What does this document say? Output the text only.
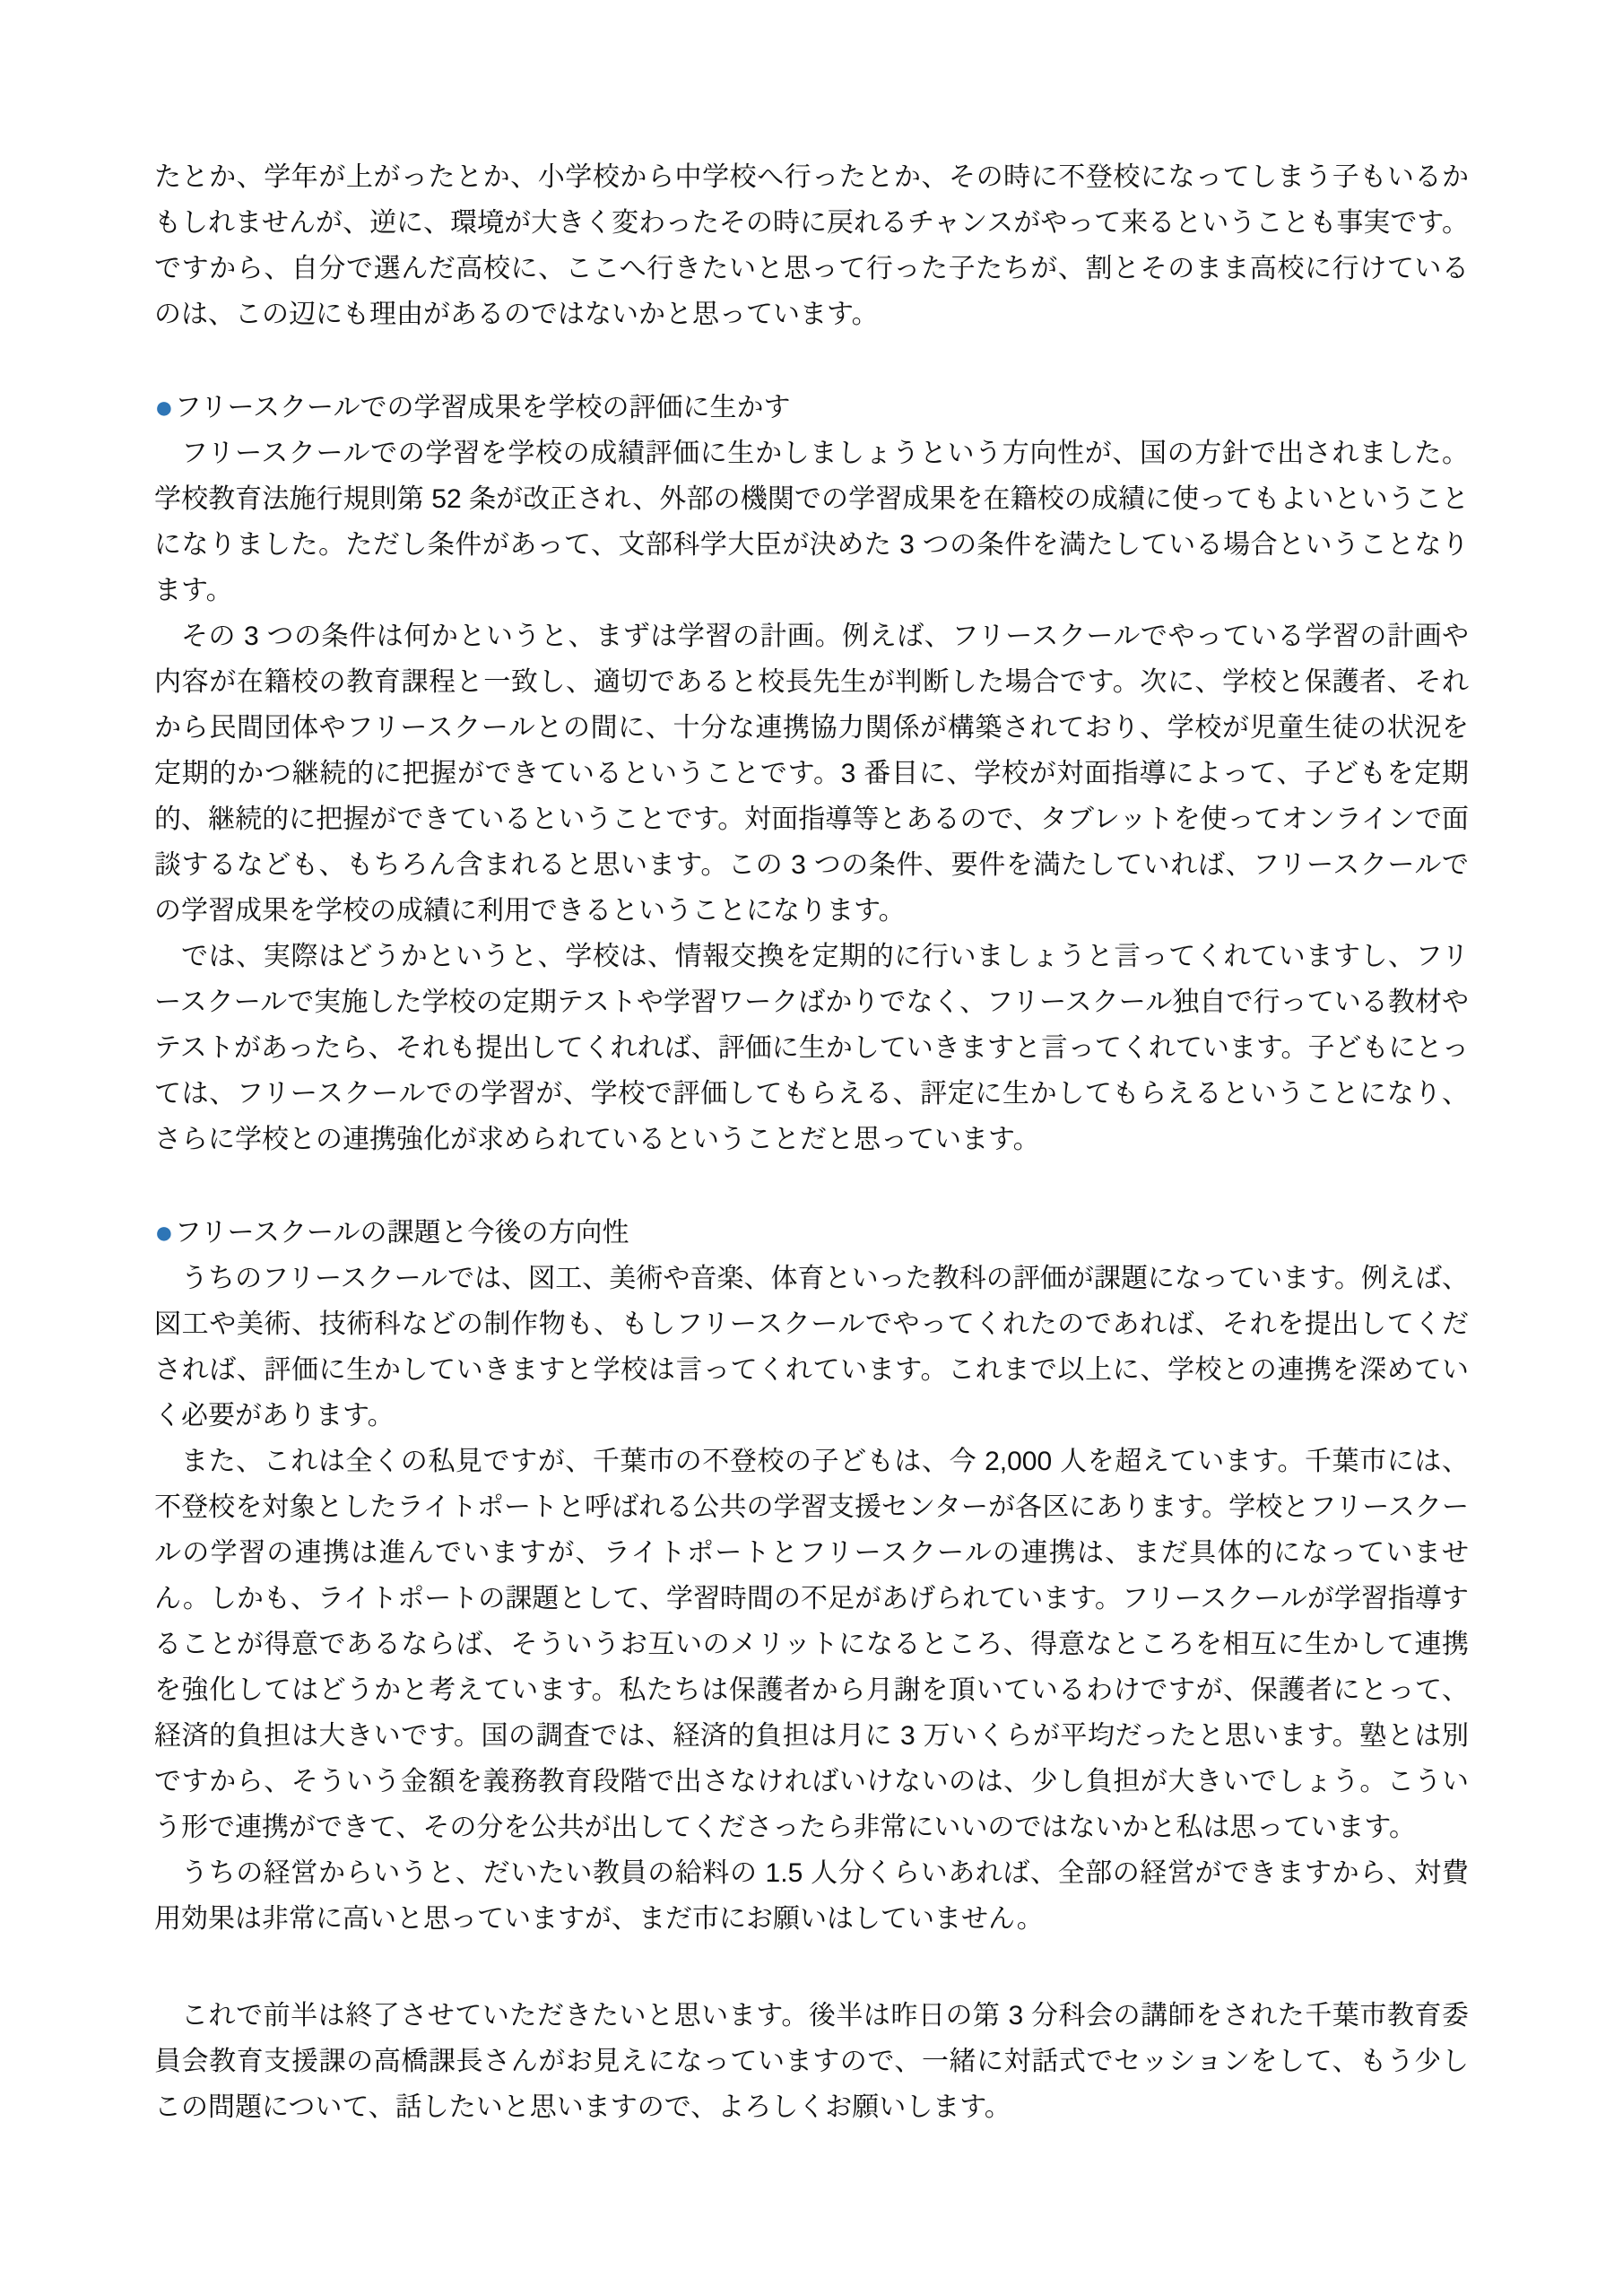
たとか、学年が上がったとか、小学校から中学校へ行ったとか、その時に不登校になってしまう子もいるかもしれませんが、逆に、環境が大きく変わったその時に戻れるチャンスがやって来るということも事実です。ですから、自分で選んだ高校に、ここへ行きたいと思って行った子たちが、割とそのまま高校に行けているのは、この辺にも理由があるのではないかと思っています。

●フリースクールでの学習成果を学校の評価に生かす

フリースクールでの学習を学校の成績評価に生かしましょうという方向性が、国の方針で出されました。学校教育法施行規則第 52 条が改正され、外部の機関での学習成果を在籍校の成績に使ってもよいということになりました。ただし条件があって、文部科学大臣が決めた 3 つの条件を満たしている場合ということなります。

その 3 つの条件は何かというと、まずは学習の計画。例えば、フリースクールでやっている学習の計画や内容が在籍校の教育課程と一致し、適切であると校長先生が判断した場合です。次に、学校と保護者、それから民間団体やフリースクールとの間に、十分な連携協力関係が構築されており、学校が児童生徒の状況を定期的かつ継続的に把握ができているということです。3 番目に、学校が対面指導によって、子どもを定期的、継続的に把握ができているということです。対面指導等とあるので、タブレットを使ってオンラインで面談するなども、もちろん含まれると思います。この 3 つの条件、要件を満たしていれば、フリースクールでの学習成果を学校の成績に利用できるということになります。

では、実際はどうかというと、学校は、情報交換を定期的に行いましょうと言ってくれていますし、フリースクールで実施した学校の定期テストや学習ワークばかりでなく、フリースクール独自で行っている教材やテストがあったら、それも提出してくれれば、評価に生かしていきますと言ってくれています。子どもにとっては、フリースクールでの学習が、学校で評価してもらえる、評定に生かしてもらえるということになり、さらに学校との連携強化が求められているということだと思っています。

●フリースクールの課題と今後の方向性

うちのフリースクールでは、図工、美術や音楽、体育といった教科の評価が課題になっています。例えば、図工や美術、技術科などの制作物も、もしフリースクールでやってくれたのであれば、それを提出してくだされば、評価に生かしていきますと学校は言ってくれています。これまで以上に、学校との連携を深めていく必要があります。

また、これは全くの私見ですが、千葉市の不登校の子どもは、今 2,000 人を超えています。千葉市には、不登校を対象としたライトポートと呼ばれる公共の学習支援センターが各区にあります。学校とフリースクールの学習の連携は進んでいますが、ライトポートとフリースクールの連携は、まだ具体的になっていません。しかも、ライトポートの課題として、学習時間の不足があげられています。フリースクールが学習指導することが得意であるならば、そういうお互いのメリットになるところ、得意なところを相互に生かして連携を強化してはどうかと考えています。私たちは保護者から月謝を頂いているわけですが、保護者にとって、経済的負担は大きいです。国の調査では、経済的負担は月に 3 万いくらが平均だったと思います。塾とは別ですから、そういう金額を義務教育段階で出さなければいけないのは、少し負担が大きいでしょう。こういう形で連携ができて、その分を公共が出してくださったら非常にいいのではないかと私は思っています。

うちの経営からいうと、だいたい教員の給料の 1.5 人分くらいあれば、全部の経営ができますから、対費用効果は非常に高いと思っていますが、まだ市にお願いはしていません。

これで前半は終了させていただきたいと思います。後半は昨日の第 3 分科会の講師をされた千葉市教育委員会教育支援課の高橋課長さんがお見えになっていますので、一緒に対話式でセッションをして、もう少しこの問題について、話したいと思いますので、よろしくお願いします。
